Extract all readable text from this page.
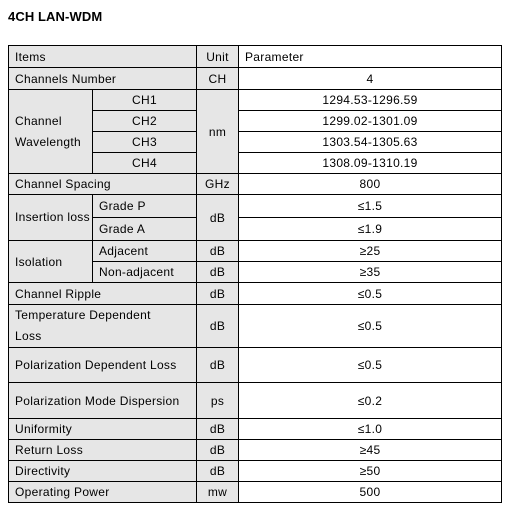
4CH LAN-WDM
Items		Unit	Parameter
Channels Number		CH	4
Channel Wavelength	CH1	nm	1294.53-1296.59
	CH2		1299.02-1301.09
	CH3		1303.54-1305.63
	CH4		1308.09-1310.19
Channel Spacing		GHz	800
Insertion loss	Grade P	dB	≤1.5
	Grade A		≤1.9
Isolation	Adjacent	dB	≥25
	Non-adjacent	dB	≥35
Channel Ripple		dB	≤0.5
Temperature Dependent Loss		dB	≤0.5
Polarization Dependent Loss		dB	≤0.5
Polarization Mode Dispersion		ps	≤0.2
Uniformity		dB	≤1.0
Return Loss		dB	≥45
Directivity		dB	≥50
Operating Power		mw	500
